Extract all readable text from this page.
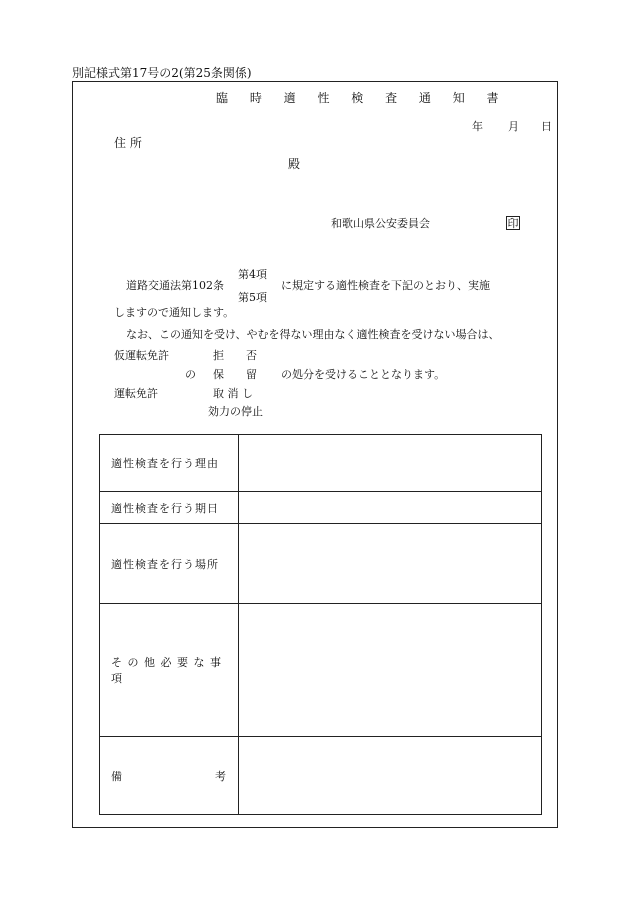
別記様式第17号の2(第25条関係)
臨 時 適 性 検 査 通 知 書
年 月 日
住 所
殿
和歌山県公安委員会	印
第4項
道路交通法第102条	に規定する適性検査を下記のとおり、実施
第5項
しますので通知します。
なお、この通知を受け、やむを得ない理由なく適性検査を受けない場合は、
仮運転免許	拒　　否
の 保　　留 の処分を受けることとなります。
運転免許	取 消 し
効力の停止
適性検査を行う理由	
適性検査を行う期日	
適性検査を行う場所	
そ の 他 必 要 な 事 項	

備 考	
